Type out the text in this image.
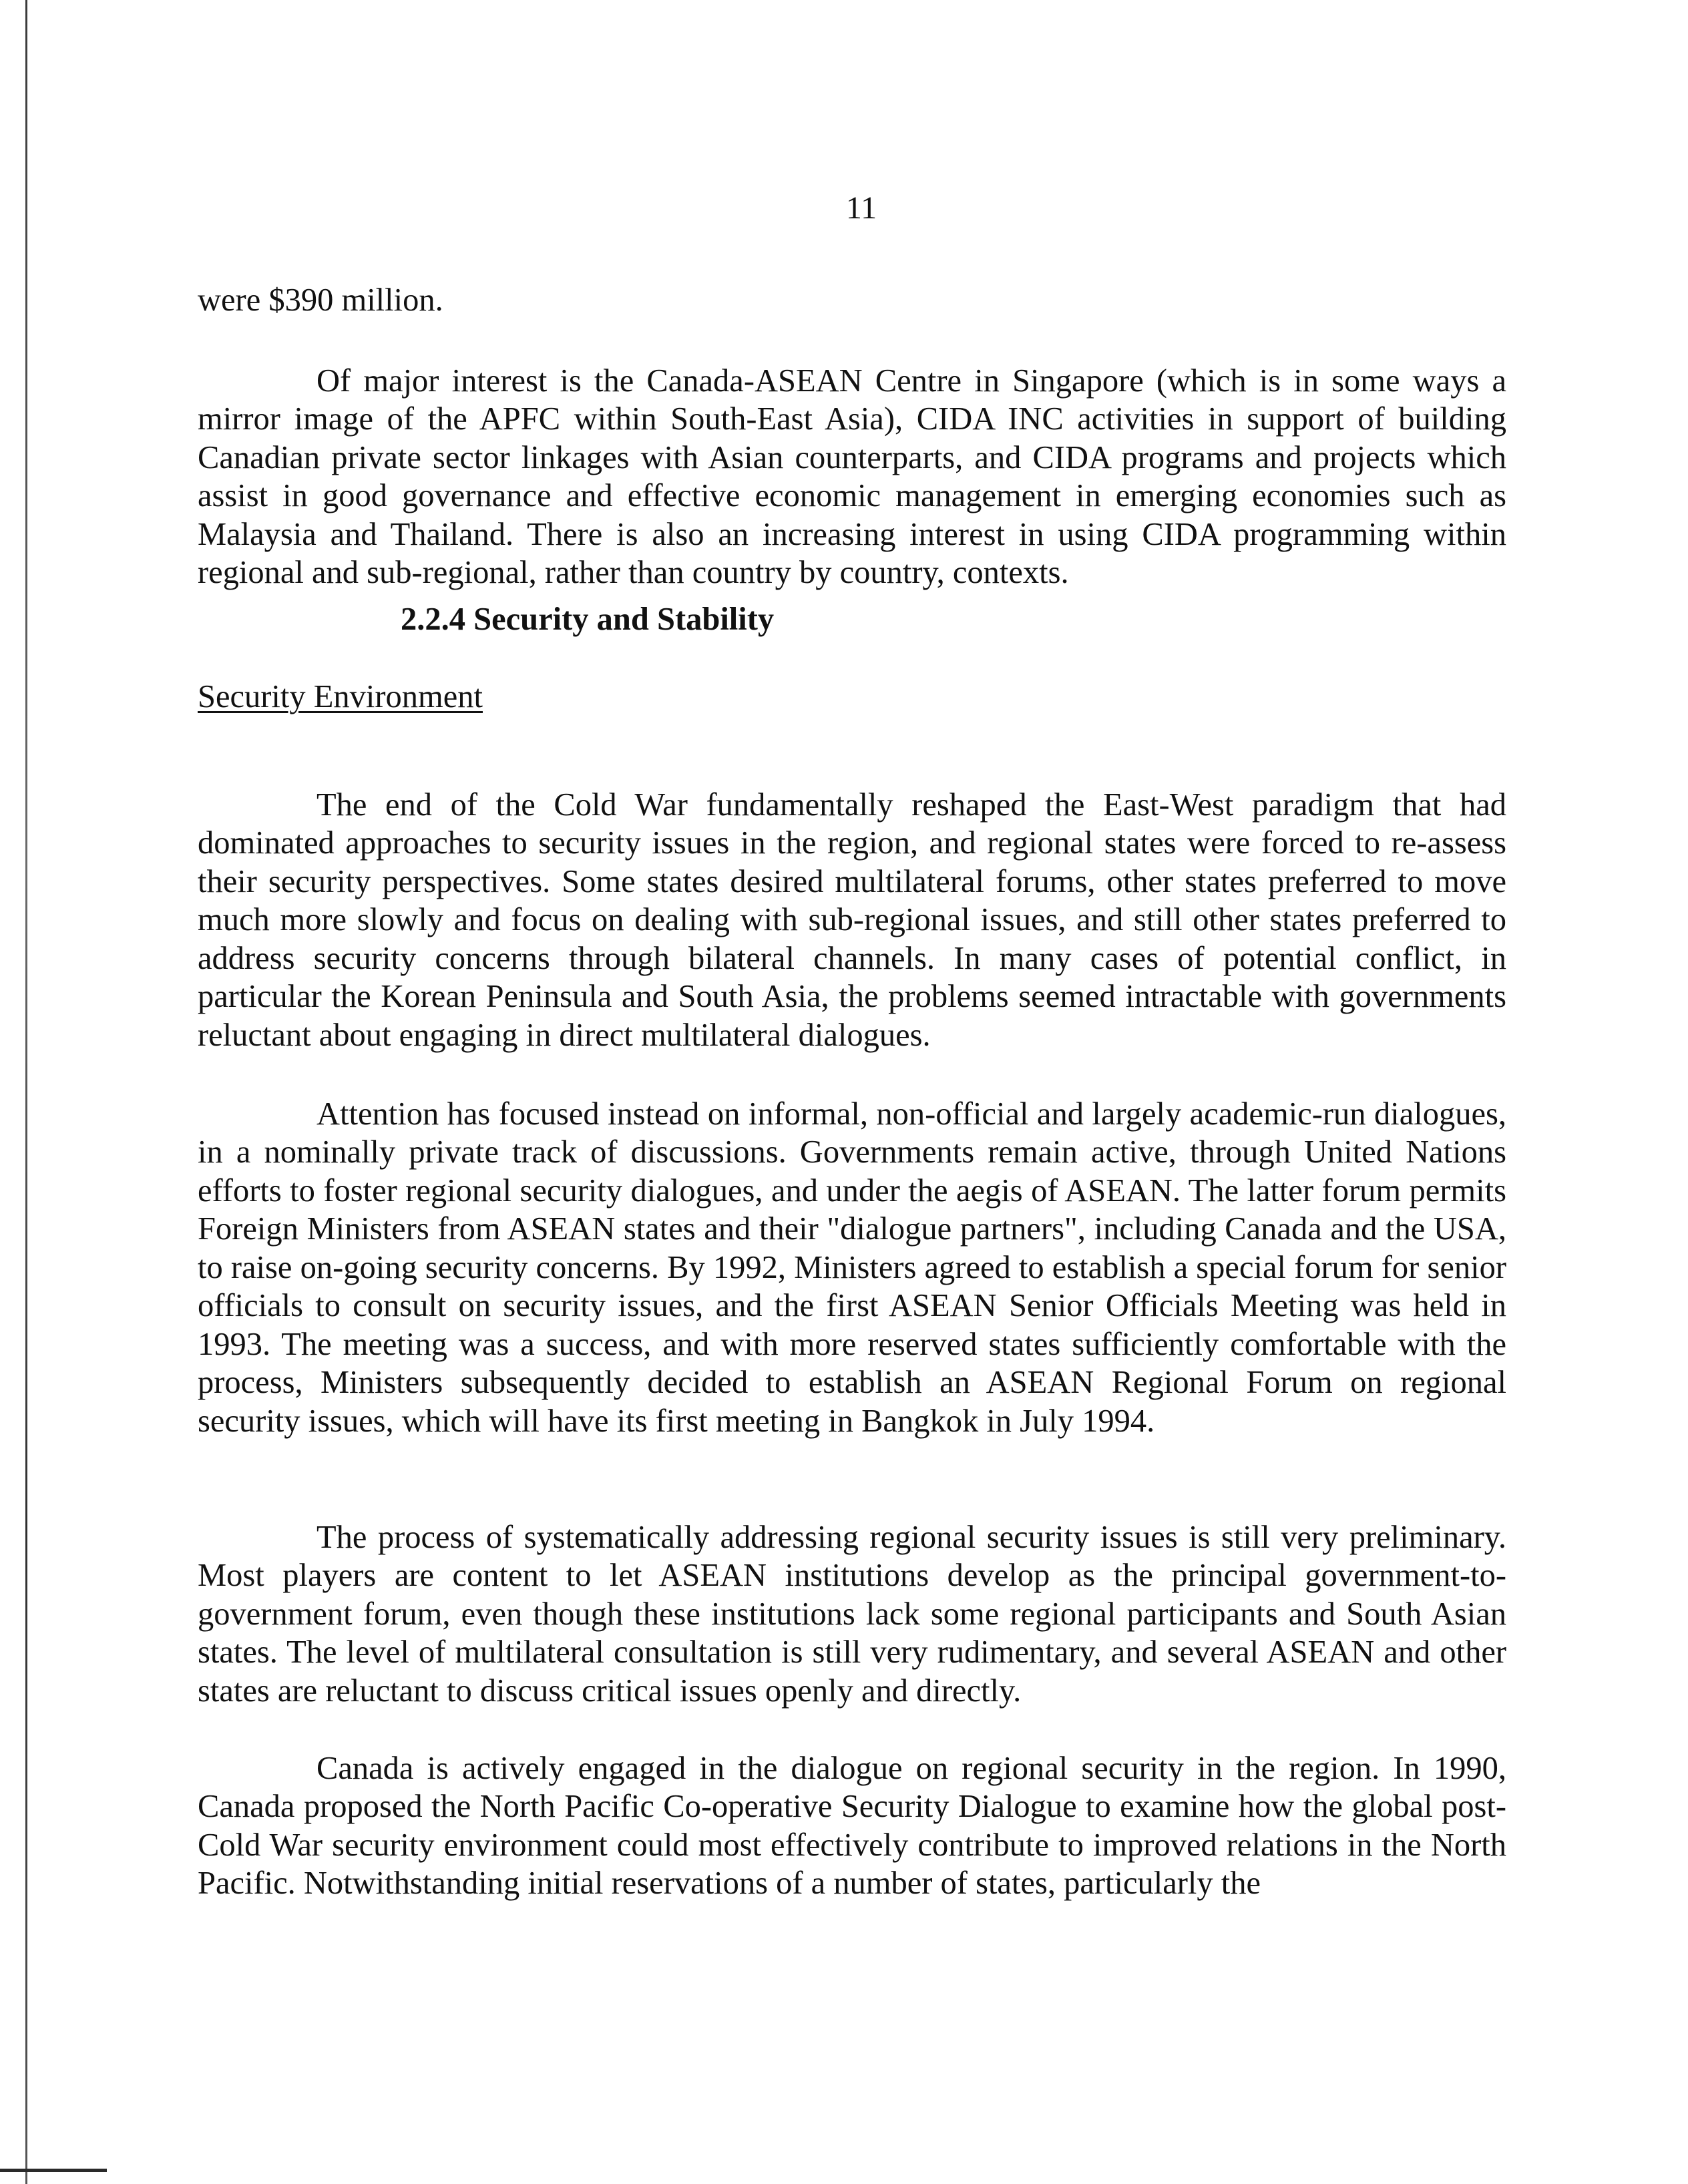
11

were $390 million.

Of major interest is the Canada-ASEAN Centre in Singapore (which is in some ways a mirror image of the APFC within South-East Asia), CIDA INC activities in support of building Canadian private sector linkages with Asian counterparts, and CIDA programs and projects which assist in good governance and effective economic management in emerging economies such as Malaysia and Thailand. There is also an increasing interest in using CIDA programming within regional and sub-regional, rather than country by country, contexts.

2.2.4 Security and Stability
Security Environment

The end of the Cold War fundamentally reshaped the East-West paradigm that had dominated approaches to security issues in the region, and regional states were forced to re-assess their security perspectives. Some states desired multilateral forums, other states preferred to move much more slowly and focus on dealing with sub-regional issues, and still other states preferred to address security concerns through bilateral channels. In many cases of potential conflict, in particular the Korean Peninsula and South Asia, the problems seemed intractable with governments reluctant about engaging in direct multilateral dialogues.

Attention has focused instead on informal, non-official and largely academic-run dialogues, in a nominally private track of discussions. Governments remain active, through United Nations efforts to foster regional security dialogues, and under the aegis of ASEAN. The latter forum permits Foreign Ministers from ASEAN states and their "dialogue partners", including Canada and the USA, to raise on-going security concerns. By 1992, Ministers agreed to establish a special forum for senior officials to consult on security issues, and the first ASEAN Senior Officials Meeting was held in 1993. The meeting was a success, and with more reserved states sufficiently comfortable with the process, Ministers subsequently decided to establish an ASEAN Regional Forum on regional security issues, which will have its first meeting in Bangkok in July 1994.

The process of systematically addressing regional security issues is still very preliminary. Most players are content to let ASEAN institutions develop as the principal government-to-government forum, even though these institutions lack some regional participants and South Asian states. The level of multilateral consultation is still very rudimentary, and several ASEAN and other states are reluctant to discuss critical issues openly and directly.

Canada is actively engaged in the dialogue on regional security in the region. In 1990, Canada proposed the North Pacific Co-operative Security Dialogue to examine how the global post-Cold War security environment could most effectively contribute to improved relations in the North Pacific. Notwithstanding initial reservations of a number of states, particularly the
